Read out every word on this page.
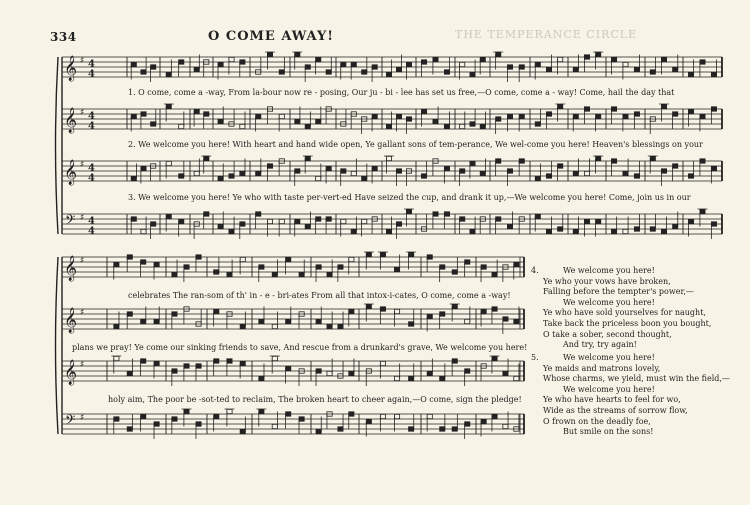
334	O COME AWAY!	THE TEMPERANCE CIRCLE
𝄞 ♯ 4
4
𝄞 ♯ 4
4
𝄞 ♯ 4
4
𝄢 ♯ 4
4
𝄞 ♯
𝄞 ♯
𝄞 ♯
𝄢 ♯
1. O come, come a -way, From la-bour now re - posing, Our ju - bi - lee has set us free,—O come, come a - way! Come, hail the day that
2. We welcome you here! With heart and hand wide open, Ye gallant sons of tem-perance, We wel-come you here! Heaven's blessings on your
3. We welcome you here! Ye who with taste per-vert-ed Have seized the cup, and drank it up,—We welcome you here! Come, join us in our
celebrates The ran-som of th' in - e - bri-ates From all that intox-i-cates, O come, come a -way!
plans we pray! Ye come our sinking friends to save, And rescue from a drunkard's grave, We welcome you here!
holy aim, The poor be -sot-ted to reclaim, The broken heart to cheer again,—O come, sign the pledge!
4.	We welcome you here!
Ye who your vows have broken,
Falling before the tempter's power,—
We welcome you here!
Ye who have sold yourselves for naught,
Take back the priceless boon you bought,
O take a sober, second thought,
And try, try again!
5.	We welcome you here!
Ye maids and matrons lovely,
Whose charms, we yield, must win the field,—
We welcome you here!
Ye who have hearts to feel for wo,
Wide as the streams of sorrow flow,
O frown on the deadly foe,
But smile on the sons!
